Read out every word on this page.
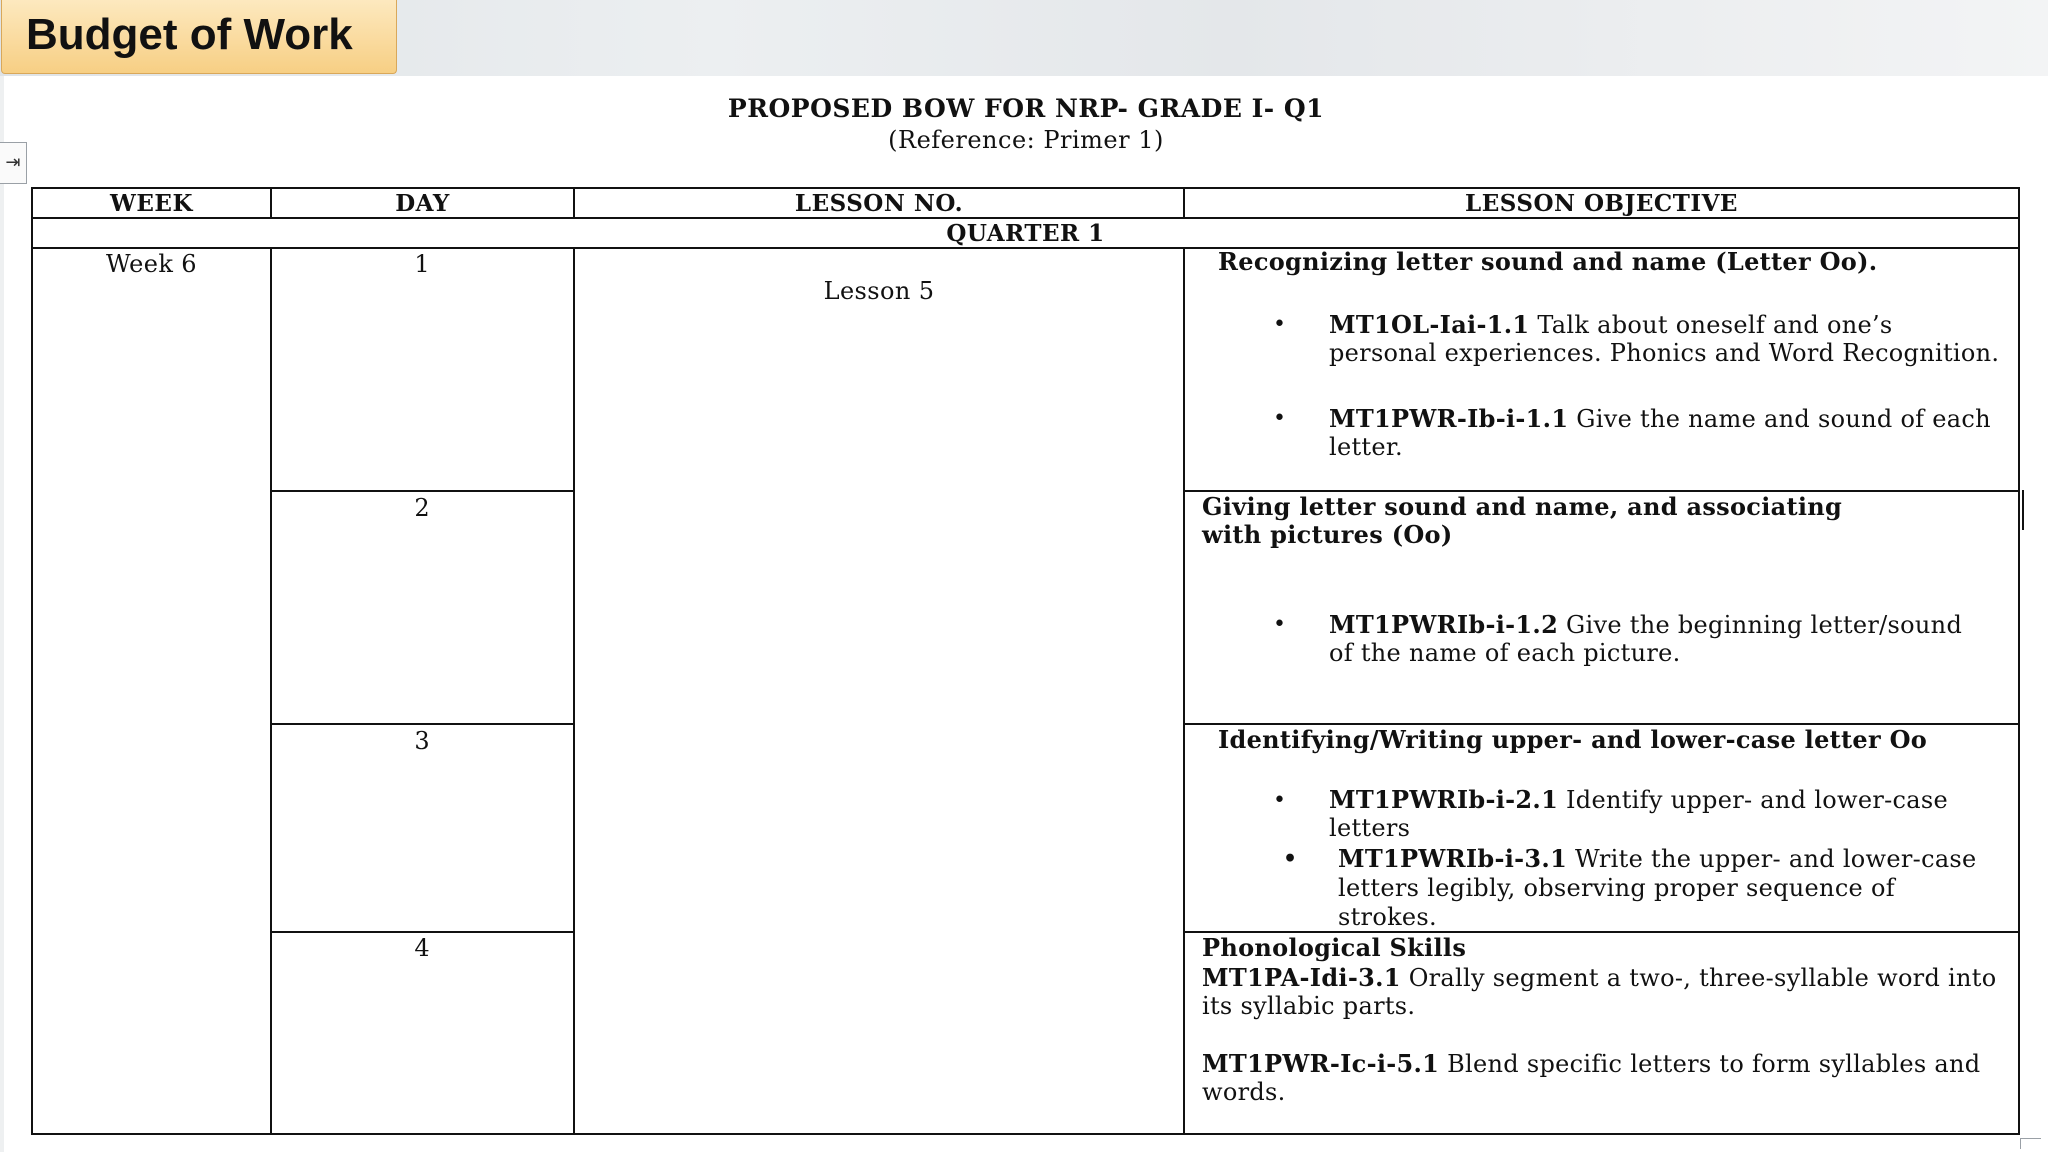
Budget of Work
⇥
PROPOSED BOW FOR NRP- GRADE I- Q1
(Reference: Primer 1)
WEEK	DAY	LESSON NO.	LESSON OBJECTIVE
QUARTER 1
Week 6
Lesson 5
1
2
3
4
Recognizing letter sound and name (Letter Oo).
• MT1OL-Iai-1.1 Talk about oneself and one’s personal experiences. Phonics and Word Recognition.
• MT1PWR-Ib-i-1.1 Give the name and sound of each letter.
Giving letter sound and name, and associating with pictures (Oo)
• MT1PWRIb-i-1.2 Give the beginning letter/sound of the name of each picture.
Identifying/Writing upper- and lower-case letter Oo
• MT1PWRIb-i-2.1 Identify upper- and lower-case letters
• MT1PWRIb-i-3.1 Write the upper- and lower-case letters legibly, observing proper sequence of strokes.
Phonological Skills
MT1PA-Idi-3.1 Orally segment a two-, three-syllable word into its syllabic parts.
MT1PWR-Ic-i-5.1 Blend specific letters to form syllables and words.
